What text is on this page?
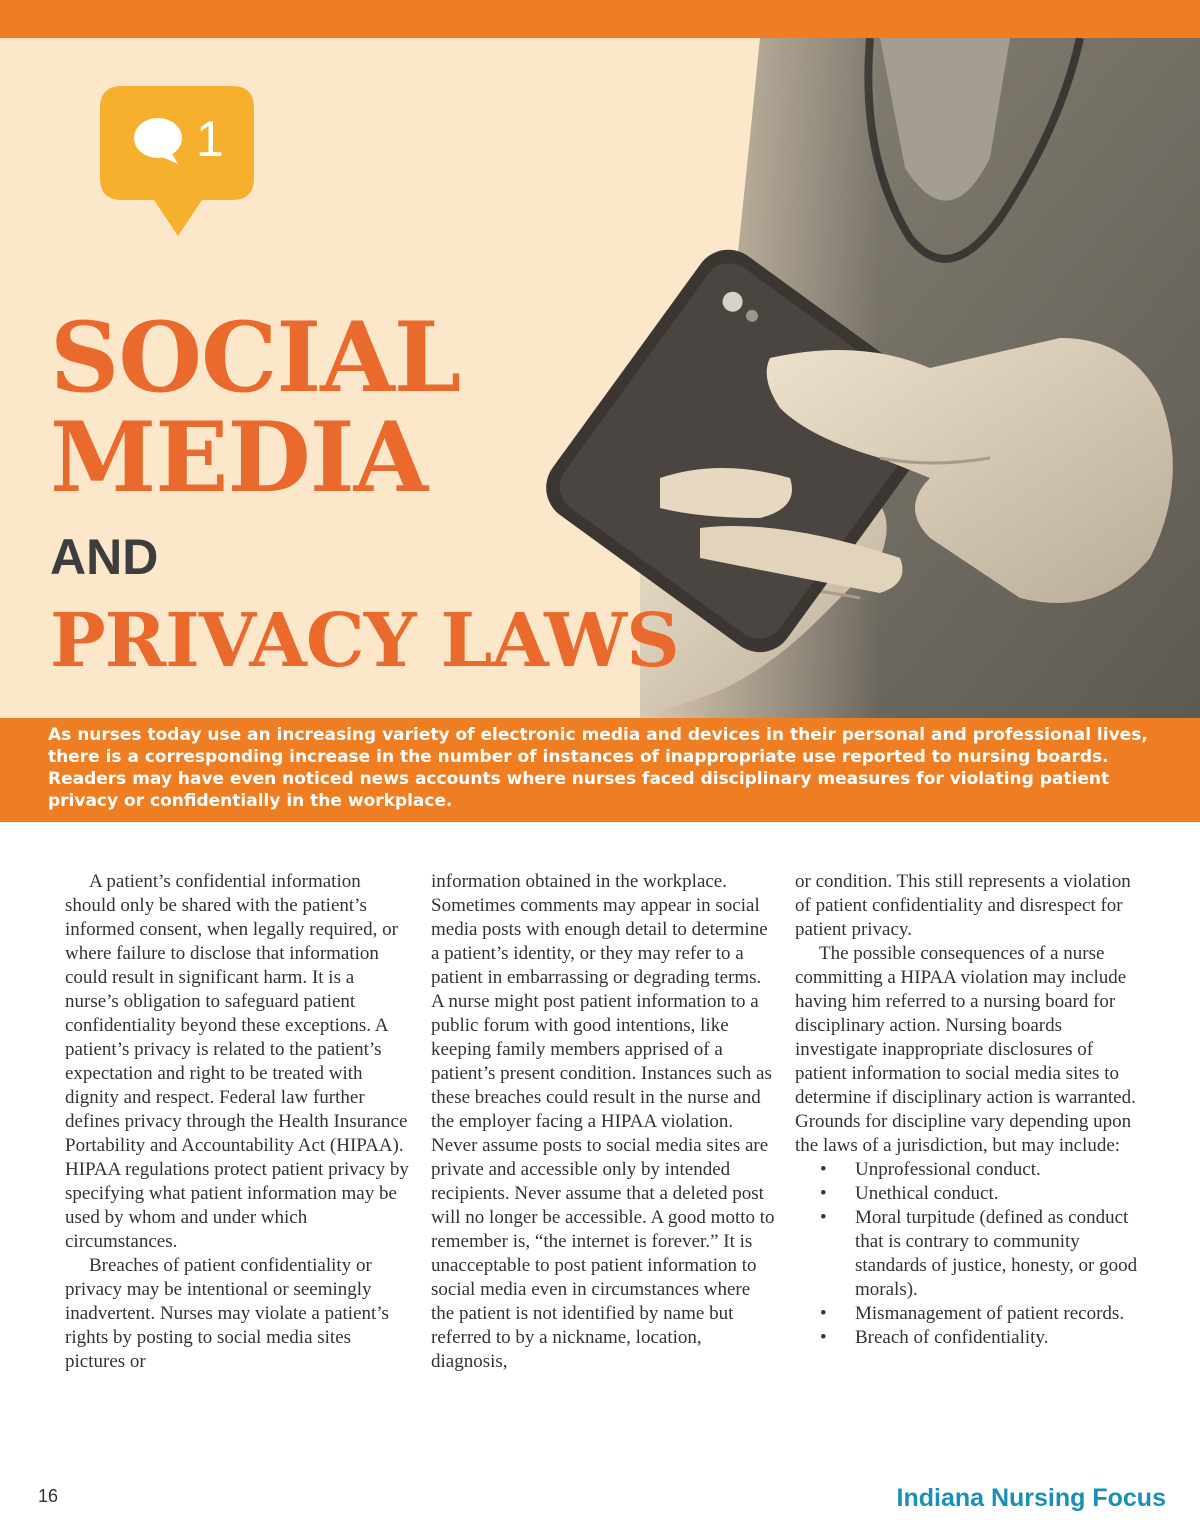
1
SOCIAL
MEDIA
AND
PRIVACY LAWS

As nurses today use an increasing variety of electronic media and devices in their personal and professional lives, there is a corresponding increase in the number of instances of inappropriate use reported to nursing boards. Readers may have even noticed news accounts where nurses faced disciplinary measures for violating patient privacy or confidentially in the workplace.

A patient’s confidential information should only be shared with the patient’s informed consent, when legally required, or where failure to disclose that information could result in significant harm. It is a nurse’s obligation to safeguard patient confidentiality beyond these exceptions. A patient’s privacy is related to the patient’s expectation and right to be treated with dignity and respect. Federal law further defines privacy through the Health Insurance Portability and Accountability Act (HIPAA). HIPAA regulations protect patient privacy by specifying what patient information may be used by whom and under which circumstances.

Breaches of patient confidentiality or privacy may be intentional or seemingly inadvertent. Nurses may violate a patient’s rights by posting to social media sites pictures or

information obtained in the workplace. Sometimes comments may appear in social media posts with enough detail to determine a patient’s identity, or they may refer to a patient in embarrassing or degrading terms. A nurse might post patient information to a public forum with good intentions, like keeping family members apprised of a patient’s present condition. Instances such as these breaches could result in the nurse and the employer facing a HIPAA violation. Never assume posts to social media sites are private and accessible only by intended recipients. Never assume that a deleted post will no longer be accessible. A good motto to remember is, “the internet is forever.” It is unacceptable to post patient information to social media even in circumstances where the patient is not identified by name but referred to by a nickname, location, diagnosis,

or condition. This still represents a violation of patient confidentiality and disrespect for patient privacy.

The possible consequences of a nurse committing a HIPAA violation may include having him referred to a nursing board for disciplinary action. Nursing boards investigate inappropriate disclosures of patient information to social media sites to determine if disciplinary action is warranted. Grounds for discipline vary depending upon the laws of a jurisdiction, but may include:

• Unprofessional conduct.
• Unethical conduct.
• Moral turpitude (defined as conduct that is contrary to community standards of justice, honesty, or good morals).
• Mismanagement of patient records.
• Breach of confidentiality.
16	Indiana Nursing Focus
